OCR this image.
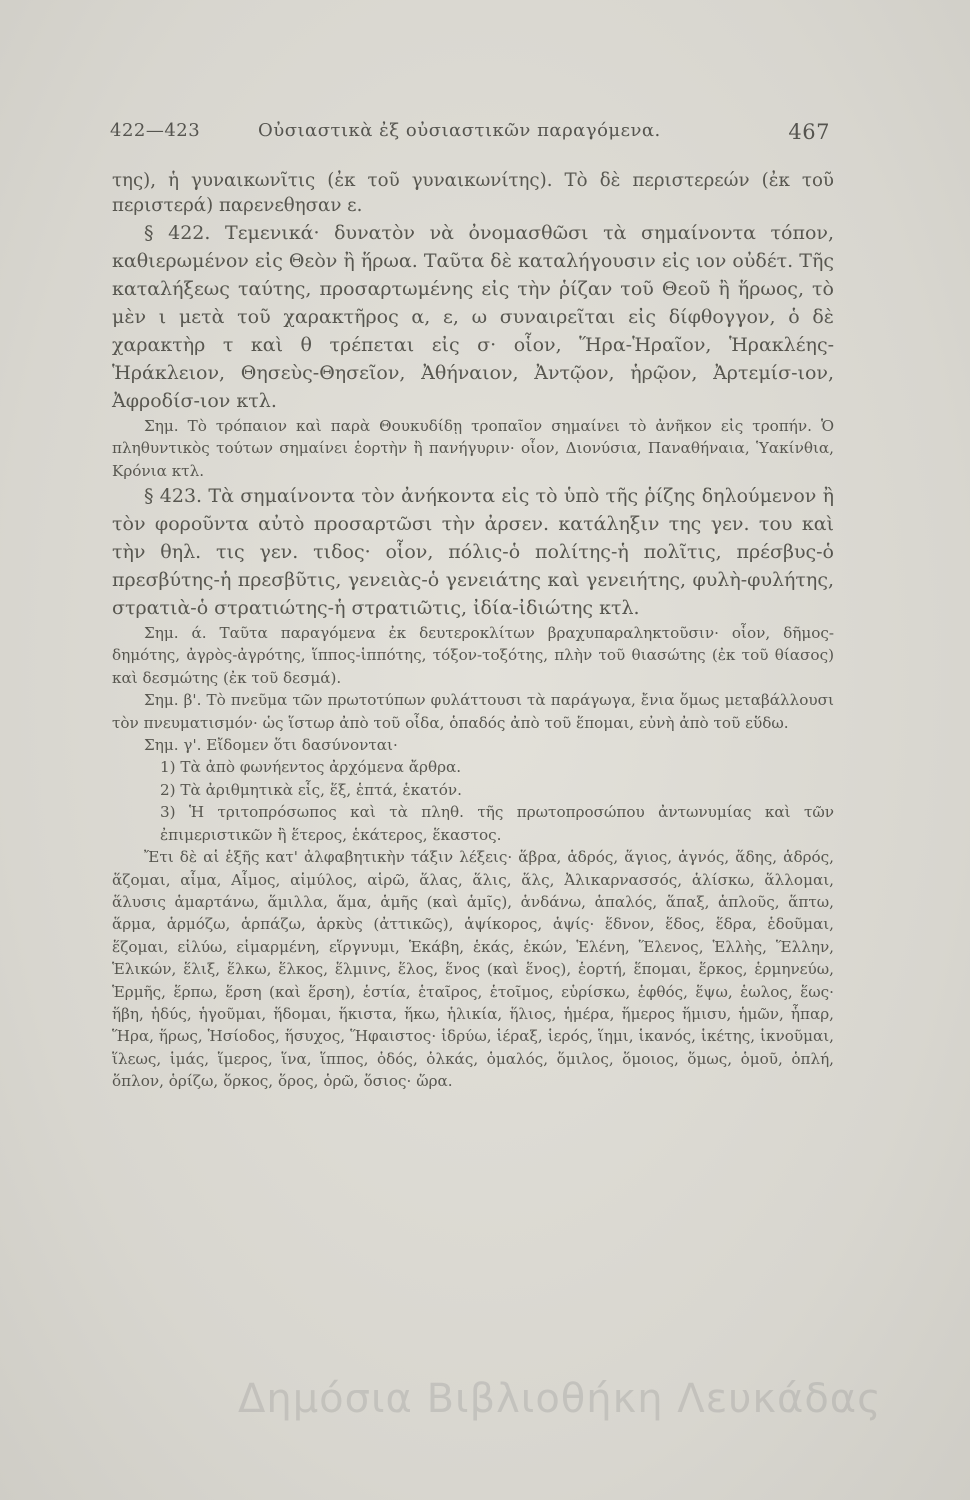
422—423	Οὐσιαστικὰ ἐξ οὐσιαστικῶν παραγόμενα.	467

της), ἡ γυναικωνῖτις (ἐκ τοῦ γυναικωνίτης). Τὸ δὲ περιστερεών (ἐκ τοῦ περιστερά) παρενεθησαν ε.

§ 422. Τεμενικά· δυνατὸν νὰ ὀνομασθῶσι τὰ σημαίνοντα τόπον, καθιερωμένον εἰς Θεὸν ἢ ἥρωα. Ταῦτα δὲ καταλήγουσιν εἰς ιον οὐδέτ. Τῆς καταλήξεως ταύτης, προσαρτωμένης εἰς τὴν ῥίζαν τοῦ Θεοῦ ἢ ἥρωος, τὸ μὲν ι μετὰ τοῦ χαρακτῆρος α, ε, ω συναιρεῖται εἰς δίφθογγον, ὁ δὲ χαρακτὴρ τ καὶ θ τρέπεται εἰς σ· οἷον, Ἥρα-Ἡραῖον, Ἡρακλέης-Ἡράκλειον, Θησεὺς-Θησεῖον, Ἀθήναιον, Ἀντῷον, ἡρῷον, Ἀρτεμίσ-ιον, Ἀφροδίσ-ιον κτλ.

Σημ. Τὸ τρόπαιον καὶ παρὰ Θουκυδίδῃ τροπαῖον σημαίνει τὸ ἀνῆκον εἰς τροπήν. Ὁ πληθυντικὸς τούτων σημαίνει ἑορτὴν ἢ πανήγυριν· οἷον, Διονύσια, Παναθήναια, Ὑακίνθια, Κρόνια κτλ.

§ 423. Τὰ σημαίνοντα τὸν ἀνήκοντα εἰς τὸ ὑπὸ τῆς ῥίζης δηλούμενον ἢ τὸν φοροῦντα αὐτὸ προσαρτῶσι τὴν ἀρσεν. κατάληξιν της γεν. του καὶ τὴν θηλ. τις γεν. τιδος· οἷον, πόλις-ὁ πολίτης-ἡ πολῖτις, πρέσβυς-ὁ πρεσβύτης-ἡ πρεσβῦτις, γενειὰς-ὁ γενειάτης καὶ γενειήτης, φυλὴ-φυλήτης, στρατιὰ-ὁ στρατιώτης-ἡ στρατιῶτις, ἰδία-ἰδιώτης κτλ.

Σημ. ά. Ταῦτα παραγόμενα ἐκ δευτεροκλίτων βραχυπαραληκτοῦσιν· οἷον, δῆμος-δημότης, ἀγρὸς-ἀγρότης, ἵππος-ἱππότης, τόξον-τοξότης, πλὴν τοῦ θιασώτης (ἐκ τοῦ θίασος) καὶ δεσμώτης (ἐκ τοῦ δεσμά).

Σημ. β'. Τὸ πνεῦμα τῶν πρωτοτύπων φυλάττουσι τὰ παράγωγα, ἔνια ὅμως μεταβάλλουσι τὸν πνευματισμόν· ὡς ἵστωρ ἀπὸ τοῦ οἶδα, ὁπαδός ἀπὸ τοῦ ἕπομαι, εὐνὴ ἀπὸ τοῦ εὕδω.

Σημ. γ'. Εἴδομεν ὅτι δασύνονται·

1) Τὰ ἀπὸ φωνήεντος ἀρχόμενα ἄρθρα.

2) Τὰ ἀριθμητικὰ εἷς, ἕξ, ἑπτά, ἑκατόν.

3) Ἡ τριτοπρόσωπος καὶ τὰ πληθ. τῆς πρωτοπροσώπου ἀντωνυμίας καὶ τῶν ἐπιμεριστικῶν ἢ ἕτερος, ἑκάτερος, ἕκαστος.

Ἔτι δὲ αἱ ἑξῆς κατ' ἀλφαβητικὴν τάξιν λέξεις· ἅβρα, ἁδρός, ἅγιος, ἁγνός, ἅδης, ἁδρός, ἅζομαι, αἷμα, Αἷμος, αἱμύλος, αἱρῶ, ἅλας, ἅλις, ἅλς, Ἀλικαρνασσός, ἁλίσκω, ἅλλομαι, ἅλυσις ἁμαρτάνω, ἅμιλλα, ἅμα, ἁμῆς (καὶ ἁμῖς), ἁνδάνω, ἁπαλός, ἅπαξ, ἁπλοῦς, ἅπτω, ἅρμα, ἁρμόζω, ἁρπάζω, ἁρκὺς (ἀττικῶς), ἁψίκορος, ἁψίς· ἕδνον, ἕδος, ἕδρα, ἑδοῦμαι, ἕζομαι, εἱλύω, εἱμαρμένη, εἵργνυμι, Ἑκάβη, ἑκάς, ἑκών, Ἑλένη, Ἕλενος, Ἑλλὴς, Ἕλλην, Ἑλικών, ἕλιξ, ἕλκω, ἕλκος, ἕλμινς, ἕλος, ἕνος (καὶ ἕνος), ἑορτή, ἕπομαι, ἕρκος, ἑρμηνεύω, Ἑρμῆς, ἕρπω, ἕρση (καὶ ἕρση), ἑστία, ἑταῖρος, ἑτοῖμος, εὑρίσκω, ἑφθός, ἕψω, ἑωλος, ἕως· ἥβη, ἡδύς, ἡγοῦμαι, ἥδομαι, ἥκιστα, ἥκω, ἡλικία, ἥλιος, ἡμέρα, ἥμερος ἥμισυ, ἡμῶν, ἧπαρ, Ἥρα, ἥρως, Ἡσίοδος, ἥσυχος, Ἥφαιστος· ἱδρύω, ἱέραξ, ἱερός, ἵημι, ἱκανός, ἱκέτης, ἱκνοῦμαι, ἵλεως, ἱμάς, ἵμερος, ἵνα, ἵππος, ὁδός, ὁλκάς, ὁμαλός, ὅμιλος, ὅμοιος, ὅμως, ὁμοῦ, ὁπλή, ὅπλον, ὁρίζω, ὅρκος, ὅρος, ὁρῶ, ὅσιος· ὥρα.

Δημόσια Βιβλιοθήκη Λευκάδας
